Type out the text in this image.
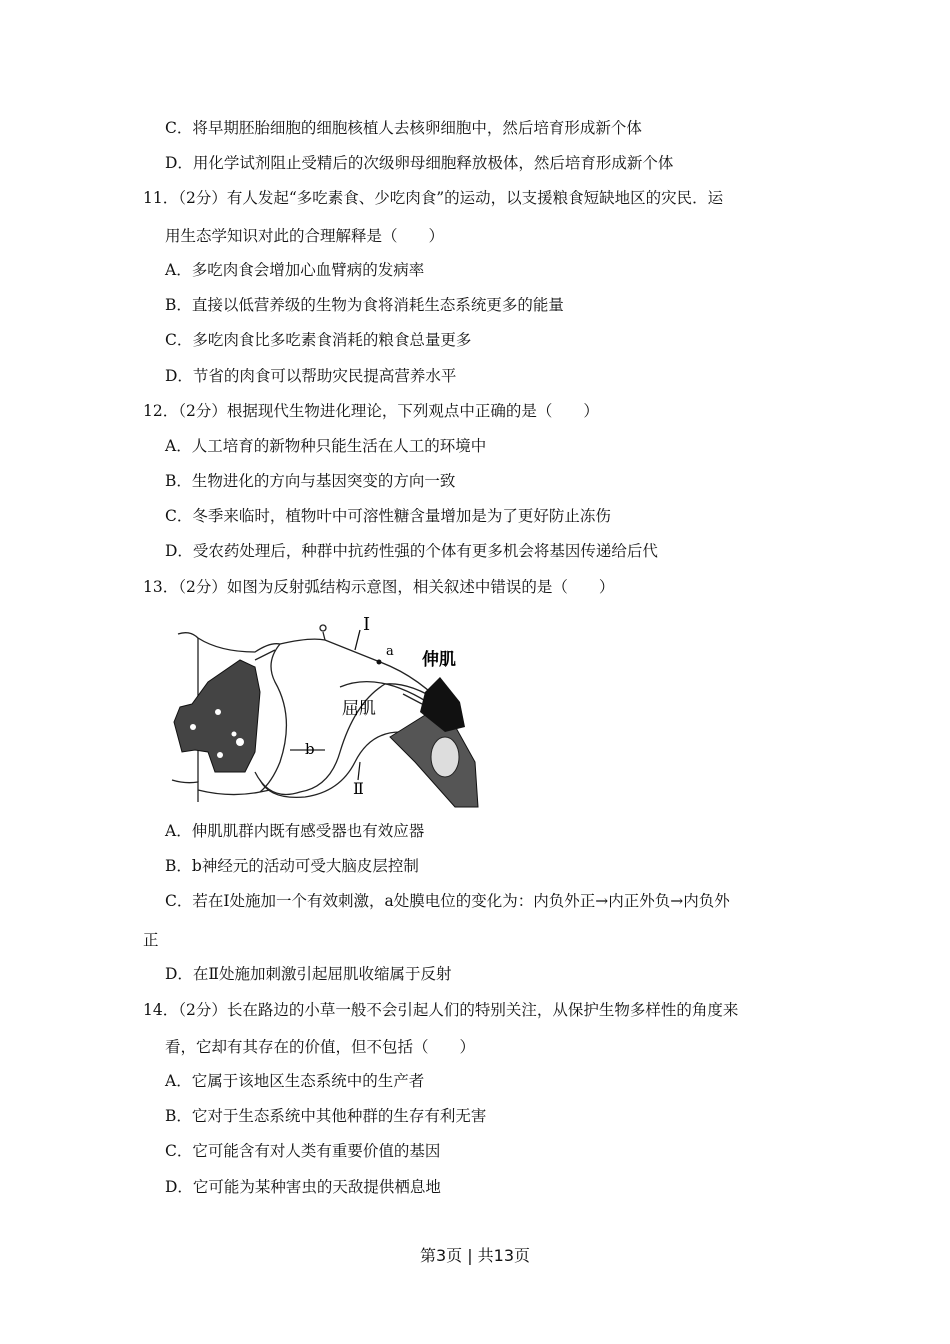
C．将早期胚胎细胞的细胞核植人去核卵细胞中，然后培育形成新个体
D．用化学试剂阻止受精后的次级卵母细胞释放极体，然后培育形成新个体
11．（2分）有人发起“多吃素食、少吃肉食”的运动，以支援粮食短缺地区的灾民．运
用生态学知识对此的合理解释是（　　）
A．多吃肉食会增加心血臂病的发病率
B．直接以低营养级的生物为食将消耗生态系统更多的能量
C．多吃肉食比多吃素食消耗的粮食总量更多
D．节省的肉食可以帮助灾民提高营养水平
12．（2分）根据现代生物进化理论，下列观点中正确的是（　　）
A．人工培育的新物种只能生活在人工的环境中
B．生物进化的方向与基因突变的方向一致
C．冬季来临时，植物叶中可溶性糖含量增加是为了更好防止冻伤
D．受农药处理后，种群中抗药性强的个体有更多机会将基因传递给后代
13．（2分）如图为反射弧结构示意图，相关叙述中错误的是（　　）
Ⅰ
a 伸肌
屈肌
b
Ⅱ
A．伸肌肌群内既有感受器也有效应器
B．b神经元的活动可受大脑皮层控制
C．若在Ⅰ处施加一个有效刺激，a处膜电位的变化为：内负外正→内正外负→内负外
正
D．在Ⅱ处施加刺激引起屈肌收缩属于反射
14．（2分）长在路边的小草一般不会引起人们的特别关注，从保护生物多样性的角度来
看，它却有其存在的价值，但不包括（　　）
A．它属于该地区生态系统中的生产者
B．它对于生态系统中其他种群的生存有利无害
C．它可能含有对人类有重要价值的基因
D．它可能为某种害虫的天敌提供栖息地
第3页 | 共13页
